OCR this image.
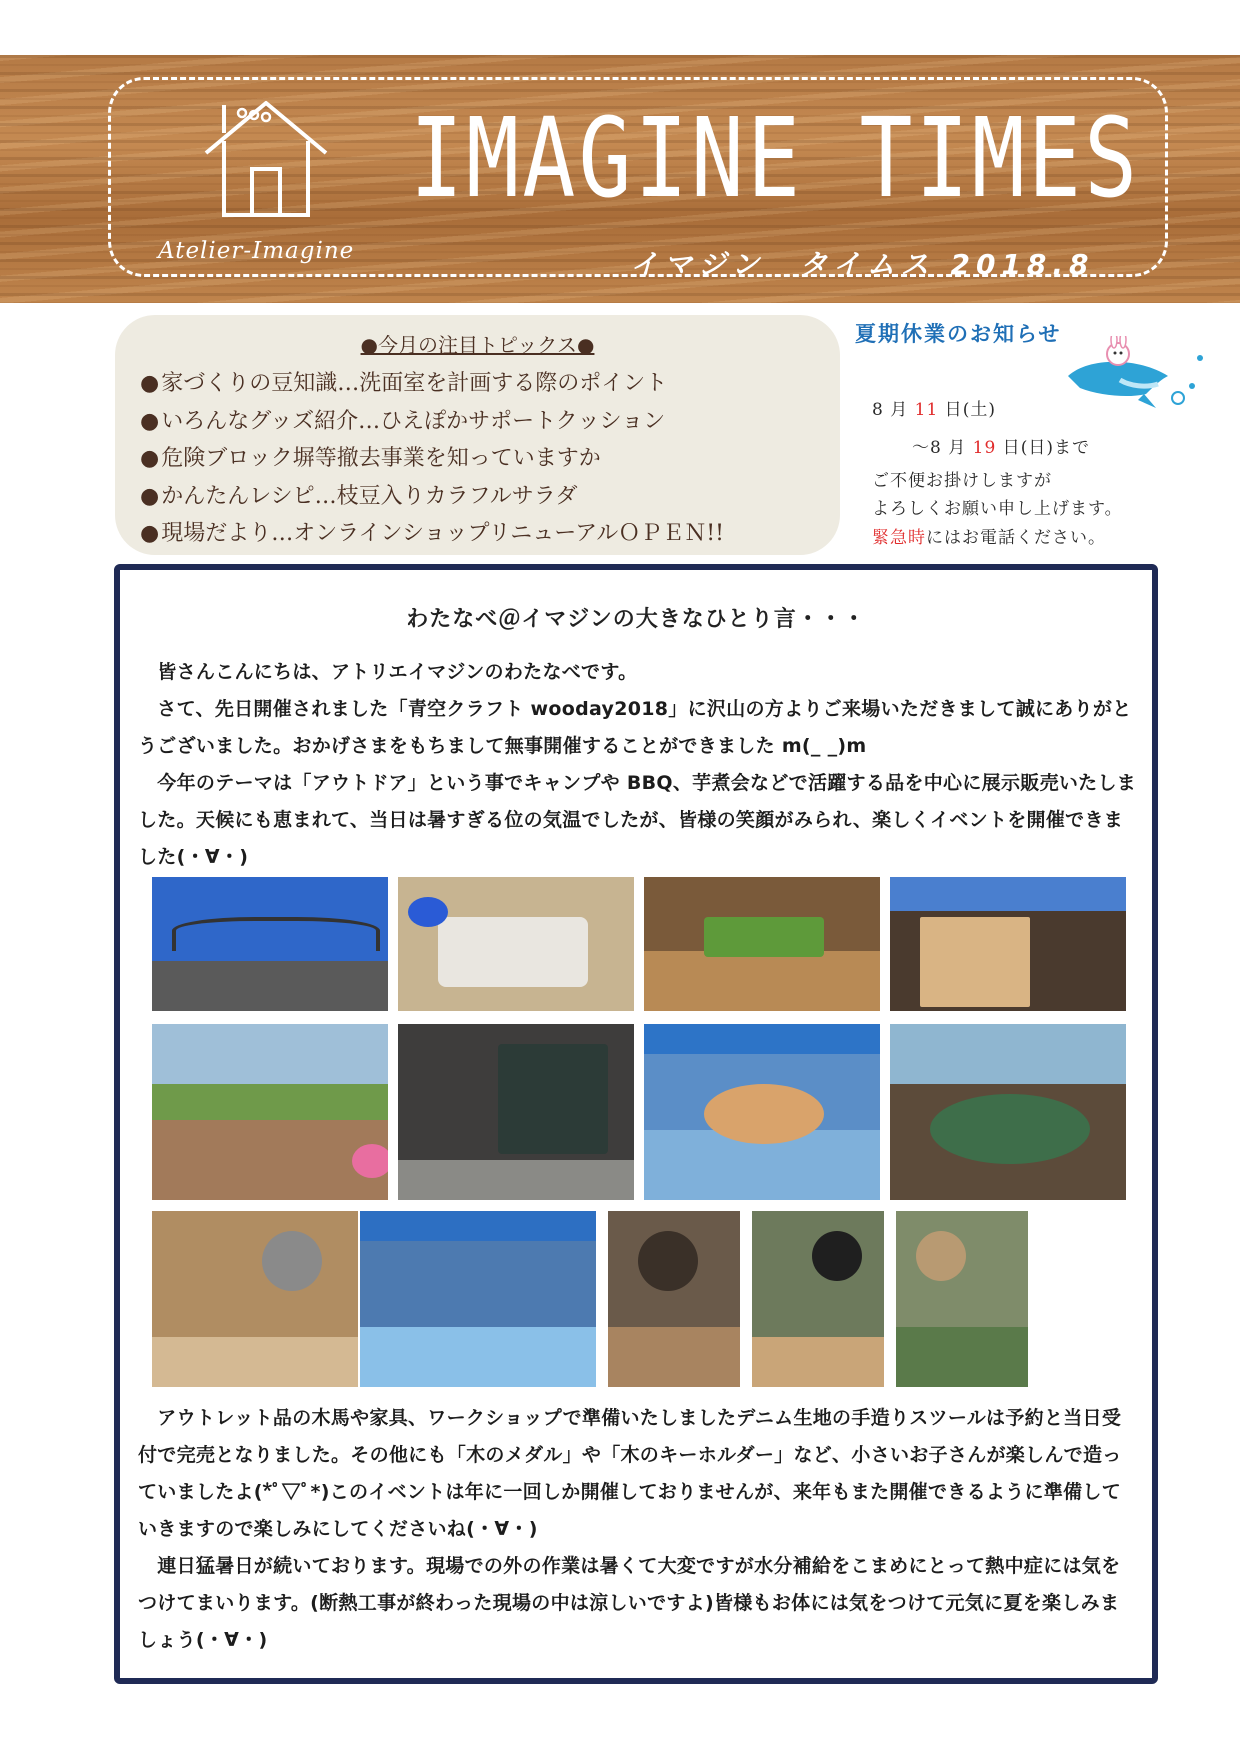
Atelier-Imagine
IMAGINE TIMES
イマジン　タイムス 2018.8
●今月の注目トピックス●
● 家づくりの豆知識…洗面室を計画する際のポイント
● いろんなグッズ紹介…ひえぽかサポートクッション
● 危険ブロック塀等撤去事業を知っていますか
● かんたんレシピ…枝豆入りカラフルサラダ
● 現場だより…オンラインショップリニューアルＯＰＥＮ!!
夏期休業のお知らせ
8 月 11 日(土)
～8 月 19 日(日)まで
ご不便お掛けしますが
よろしくお願い申し上げます。
緊急時にはお電話ください。
わたなべ＠イマジンの大きなひとり言・・・

　皆さんこんにちは、アトリエイマジンのわたなべです。

　さて、先日開催されました「青空クラフト wooday2018」に沢山の方よりご来場いただきまして誠にありがとうございました。おかげさまをもちまして無事開催することができました m(_ _)m

　今年のテーマは「アウトドア」という事でキャンプや BBQ、芋煮会などで活躍する品を中心に展示販売いたしました。天候にも恵まれて、当日は暑すぎる位の気温でしたが、皆様の笑顔がみられ、楽しくイベントを開催できました(・∀・)

　アウトレット品の木馬や家具、ワークショップで準備いたしましたデニム生地の手造りスツールは予約と当日受付で完売となりました。その他にも「木のメダル」や「木のキーホルダー」など、小さいお子さんが楽しんで造っていましたよ(*ﾟ▽ﾟ*)このイベントは年に一回しか開催しておりませんが、来年もまた開催できるように準備していきますので楽しみにしてくださいね(・∀・)

　連日猛暑日が続いております。現場での外の作業は暑くて大変ですが水分補給をこまめにとって熱中症には気をつけてまいります。(断熱工事が終わった現場の中は涼しいですよ)皆様もお体には気をつけて元気に夏を楽しみましょう(・∀・)
